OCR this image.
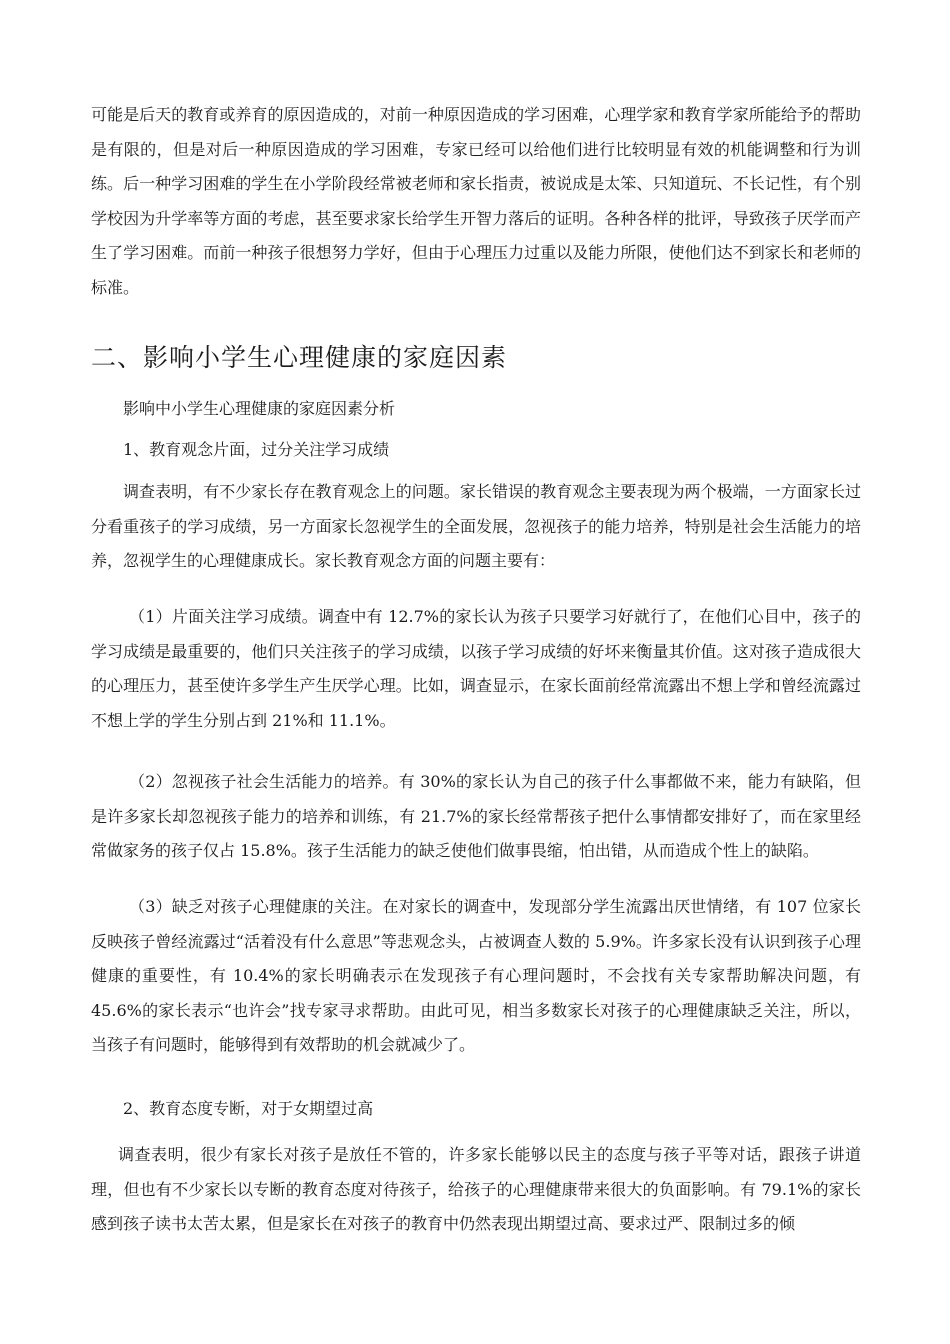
可能是后天的教育或养育的原因造成的，对前一种原因造成的学习困难，心理学家和教育学家所能给予的帮助是有限的，但是对后一种原因造成的学习困难，专家已经可以给他们进行比较明显有效的机能调整和行为训练。后一种学习困难的学生在小学阶段经常被老师和家长指责，被说成是太笨、只知道玩、不长记性，有个别学校因为升学率等方面的考虑，甚至要求家长给学生开智力落后的证明。各种各样的批评，导致孩子厌学而产生了学习困难。而前一种孩子很想努力学好，但由于心理压力过重以及能力所限，使他们达不到家长和老师的标准。

二、影响小学生心理健康的家庭因素

影响中小学生心理健康的家庭因素分析

1、教育观念片面，过分关注学习成绩

调查表明，有不少家长存在教育观念上的问题。家长错误的教育观念主要表现为两个极端，一方面家长过分看重孩子的学习成绩，另一方面家长忽视学生的全面发展，忽视孩子的能力培养，特别是社会生活能力的培养，忽视学生的心理健康成长。家长教育观念方面的问题主要有：

（1）片面关注学习成绩。调查中有 12.7%的家长认为孩子只要学习好就行了，在他们心目中，孩子的学习成绩是最重要的，他们只关注孩子的学习成绩，以孩子学习成绩的好坏来衡量其价值。这对孩子造成很大的心理压力，甚至使许多学生产生厌学心理。比如，调查显示，在家长面前经常流露出不想上学和曾经流露过不想上学的学生分别占到 21%和 11.1%。

（2）忽视孩子社会生活能力的培养。有 30%的家长认为自己的孩子什么事都做不来，能力有缺陷，但是许多家长却忽视孩子能力的培养和训练，有 21.7%的家长经常帮孩子把什么事情都安排好了，而在家里经常做家务的孩子仅占 15.8%。孩子生活能力的缺乏使他们做事畏缩，怕出错，从而造成个性上的缺陷。

（3）缺乏对孩子心理健康的关注。在对家长的调查中，发现部分学生流露出厌世情绪，有 107 位家长反映孩子曾经流露过“活着没有什么意思”等悲观念头，占被调查人数的 5.9%。许多家长没有认识到孩子心理健康的重要性，有 10.4%的家长明确表示在发现孩子有心理问题时，不会找有关专家帮助解决问题，有 45.6%的家长表示“也许会”找专家寻求帮助。由此可见，相当多数家长对孩子的心理健康缺乏关注，所以，当孩子有问题时，能够得到有效帮助的机会就减少了。

2、教育态度专断，对于女期望过高

调查表明，很少有家长对孩子是放任不管的，许多家长能够以民主的态度与孩子平等对话，跟孩子讲道理，但也有不少家长以专断的教育态度对待孩子，给孩子的心理健康带来很大的负面影响。有 79.1%的家长感到孩子读书太苦太累，但是家长在对孩子的教育中仍然表现出期望过高、要求过严、限制过多的倾
